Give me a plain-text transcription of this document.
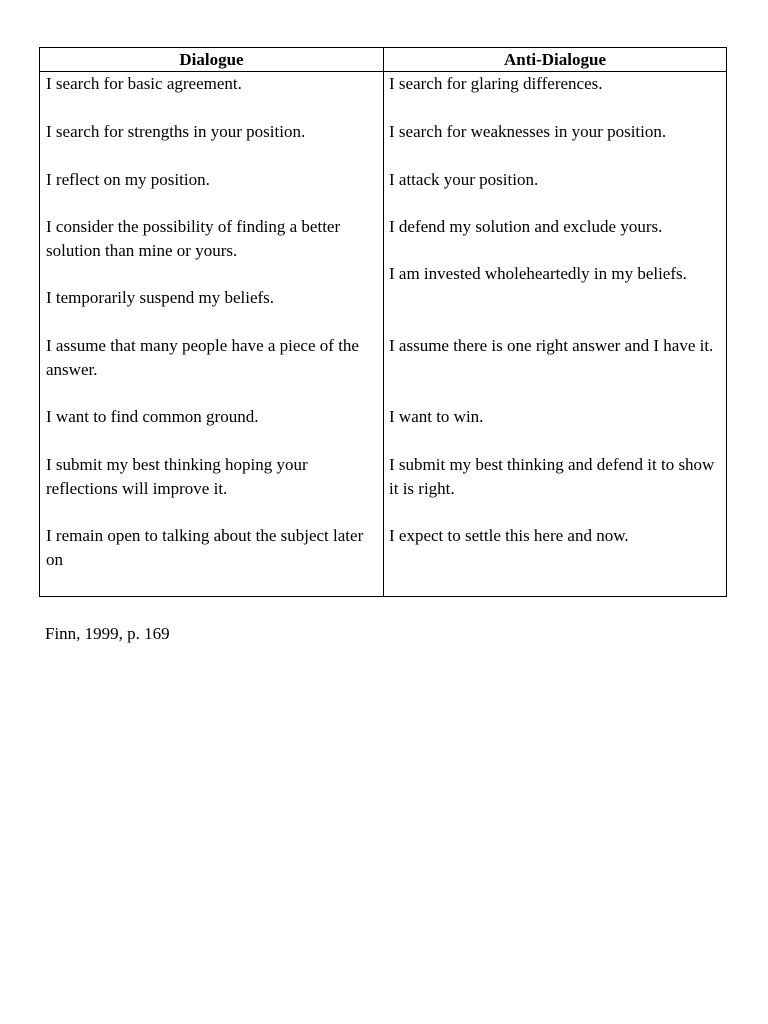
Dialogue	Anti-Dialogue

I search for basic agreement.

I search for strengths in your position.

I reflect on my position.

I consider the possibility of finding a better solution than mine or yours.

I temporarily suspend my beliefs.

I assume that many people have a piece of the answer.

I want to find common ground.

I submit my best thinking hoping your reflections will improve it.

I remain open to talking about the subject later on

I search for glaring differences.

I search for weaknesses in your position.

I attack your position.

I defend my solution and exclude yours.

I am invested wholeheartedly in my beliefs.

I assume there is one right answer and I have it.

I want to win.

I submit my best thinking and defend it to show it is right.

I expect to settle this here and now.

Finn, 1999, p. 169
